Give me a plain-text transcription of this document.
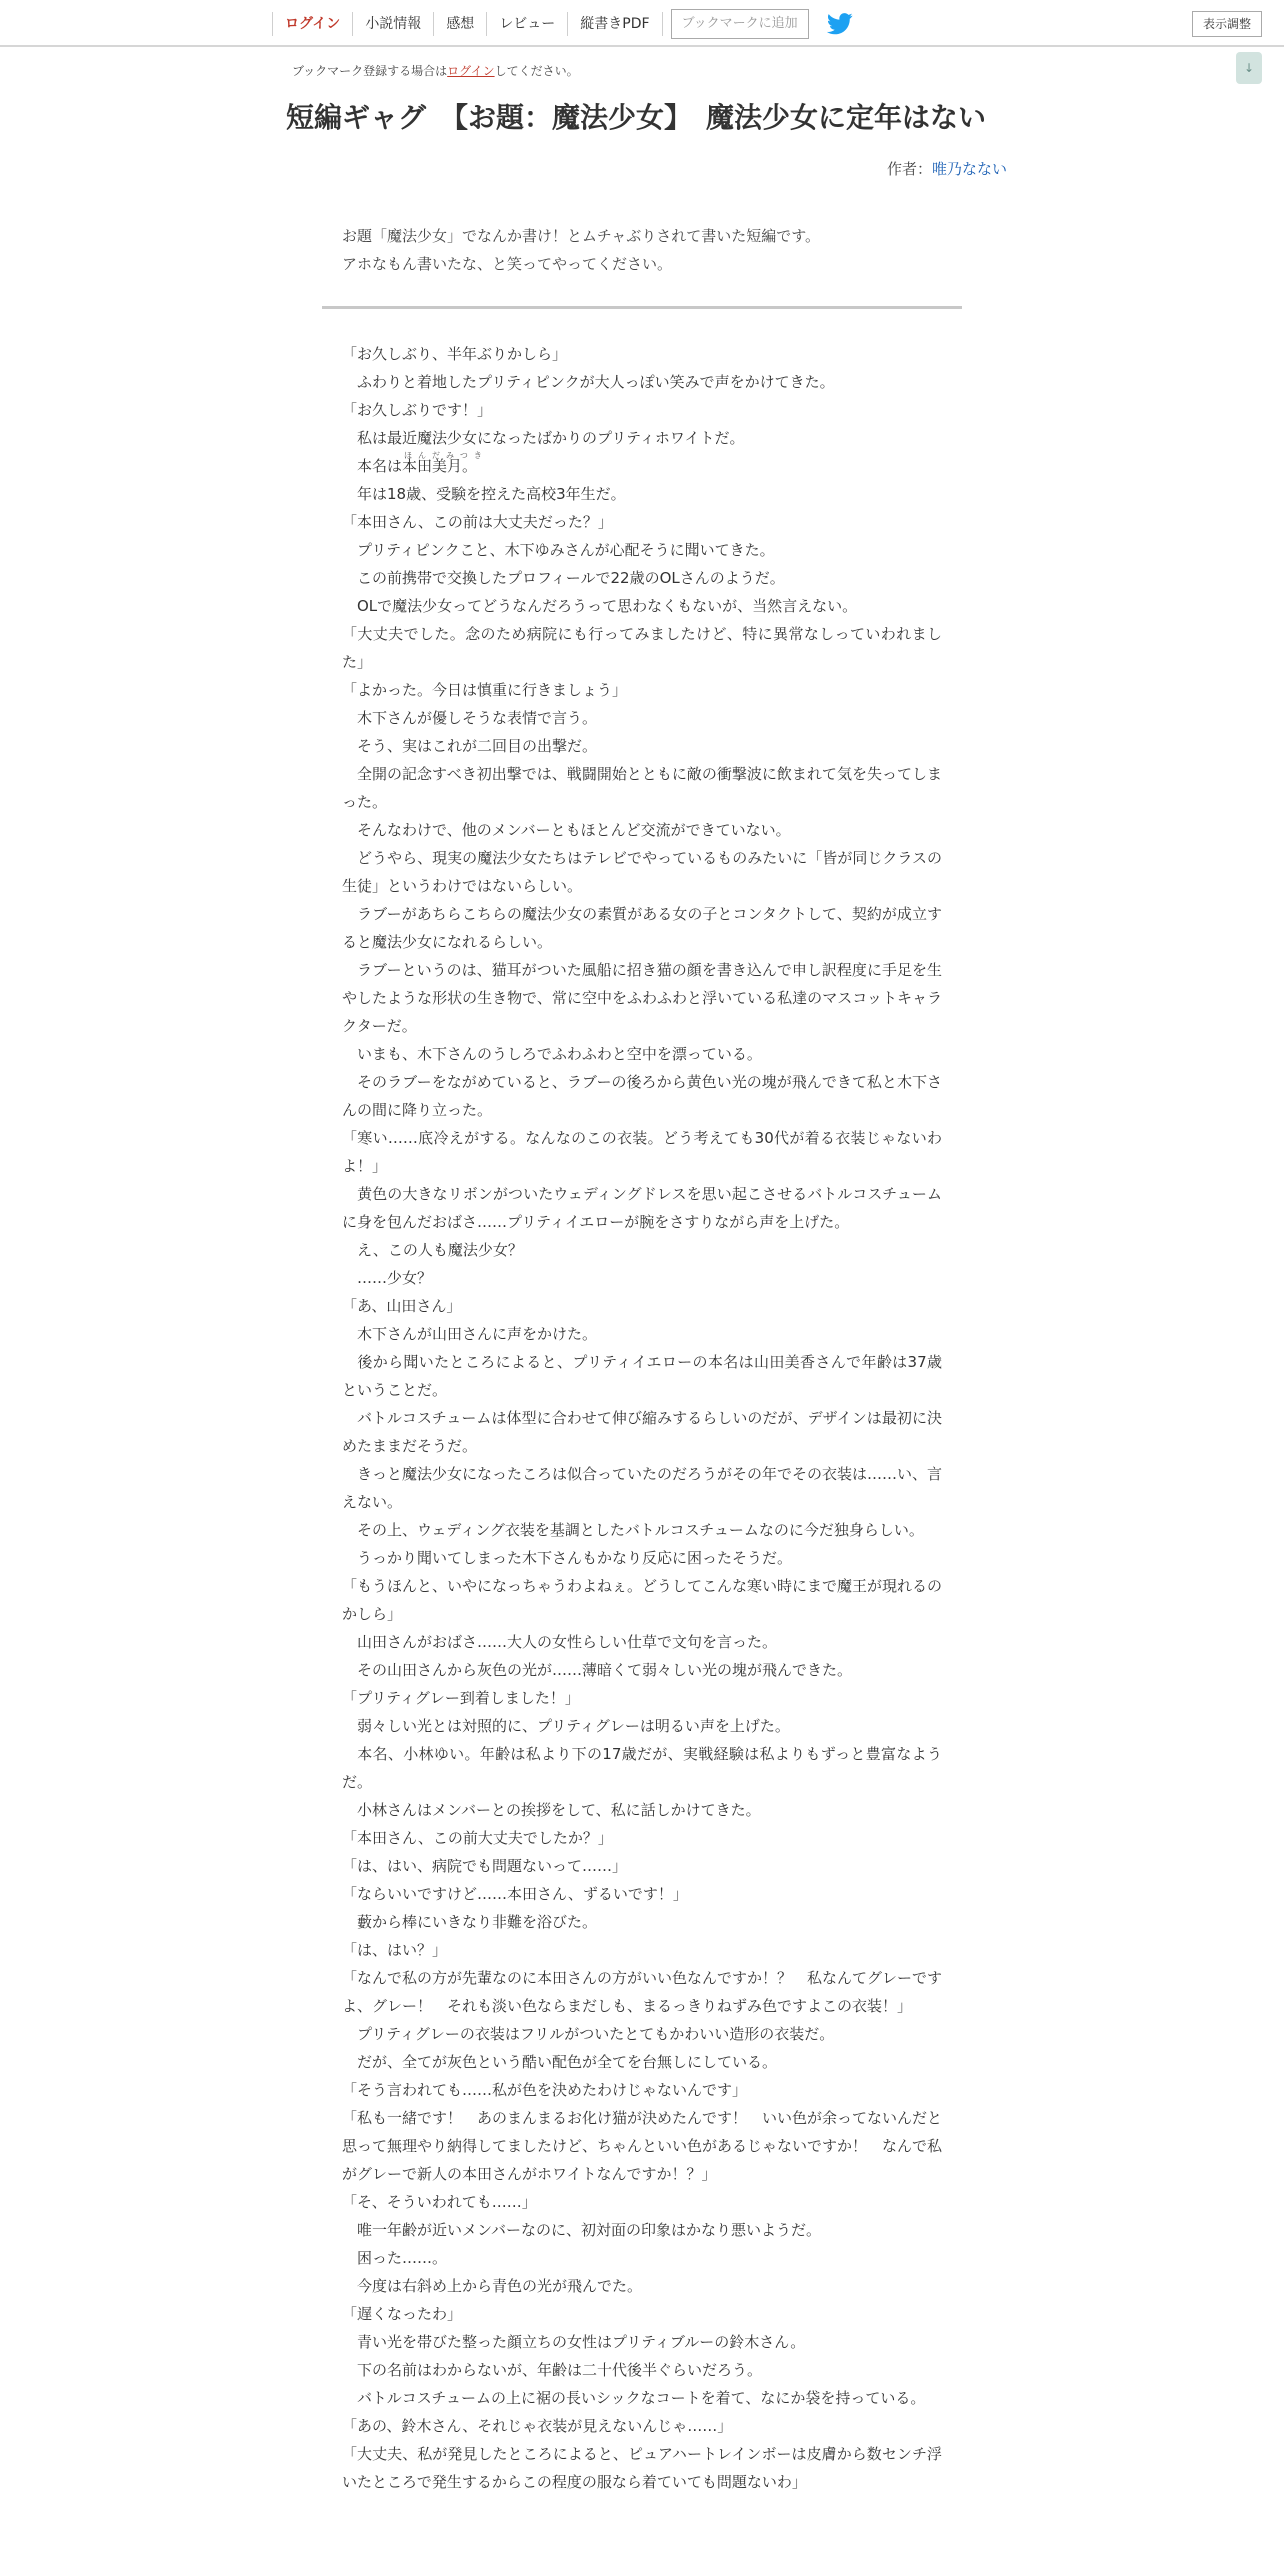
ログイン	小説情報	感想	レビュー	縦書きPDF	ブックマークに追加	表示調整
ブックマーク登録する場合はログインしてください。	↓
短編ギャグ　【お題：魔法少女】　魔法少女に定年はない
作者：唯乃なない

お題「魔法少女」でなんか書け！とムチャぶりされて書いた短編です。

アホなもん書いたな、と笑ってやってください。

「お久しぶり、半年ぶりかしら」

　ふわりと着地したプリティピンクが大人っぽい笑みで声をかけてきた。

「お久しぶりです！」

　私は最近魔法少女になったばかりのプリティホワイトだ。

　本名は本田美月。

　年は18歳、受験を控えた高校3年生だ。

「本田さん、この前は大丈夫だった？」

　プリティピンクこと、木下ゆみさんが心配そうに聞いてきた。

　この前携帯で交換したプロフィールで22歳のOLさんのようだ。

　OLで魔法少女ってどうなんだろうって思わなくもないが、当然言えない。

「大丈夫でした。念のため病院にも行ってみましたけど、特に異常なしっていわれました」

「よかった。今日は慎重に行きましょう」

　木下さんが優しそうな表情で言う。

　そう、実はこれが二回目の出撃だ。

　全開の記念すべき初出撃では、戦闘開始とともに敵の衝撃波に飲まれて気を失ってしまった。

　そんなわけで、他のメンバーともほとんど交流ができていない。

　どうやら、現実の魔法少女たちはテレビでやっているものみたいに「皆が同じクラスの生徒」というわけではないらしい。

　ラブーがあちらこちらの魔法少女の素質がある女の子とコンタクトして、契約が成立すると魔法少女になれるらしい。

　ラブーというのは、猫耳がついた風船に招き猫の顔を書き込んで申し訳程度に手足を生やしたような形状の生き物で、常に空中をふわふわと浮いている私達のマスコットキャラクターだ。

　いまも、木下さんのうしろでふわふわと空中を漂っている。

　そのラブーをながめていると、ラブーの後ろから黄色い光の塊が飛んできて私と木下さんの間に降り立った。

「寒い……底冷えがする。なんなのこの衣装。どう考えても30代が着る衣装じゃないわよ！」

　黄色の大きなリボンがついたウェディングドレスを思い起こさせるバトルコスチュームに身を包んだおばさ……プリティイエローが腕をさすりながら声を上げた。

　え、この人も魔法少女？

　……少女？

「あ、山田さん」

　木下さんが山田さんに声をかけた。

　後から聞いたところによると、プリティイエローの本名は山田美香さんで年齢は37歳ということだ。

　バトルコスチュームは体型に合わせて伸び縮みするらしいのだが、デザインは最初に決めたままだそうだ。

　きっと魔法少女になったころは似合っていたのだろうがその年でその衣装は……い、言えない。

　その上、ウェディング衣装を基調としたバトルコスチュームなのに今だ独身らしい。

　うっかり聞いてしまった木下さんもかなり反応に困ったそうだ。

「もうほんと、いやになっちゃうわよねぇ。どうしてこんな寒い時にまで魔王が現れるのかしら」

　山田さんがおばさ……大人の女性らしい仕草で文句を言った。

　その山田さんから灰色の光が……薄暗くて弱々しい光の塊が飛んできた。

「プリティグレー到着しました！」

　弱々しい光とは対照的に、プリティグレーは明るい声を上げた。

　本名、小林ゆい。年齢は私より下の17歳だが、実戦経験は私よりもずっと豊富なようだ。

　小林さんはメンバーとの挨拶をして、私に話しかけてきた。

「本田さん、この前大丈夫でしたか？」

「は、はい、病院でも問題ないって……」

「ならいいですけど……本田さん、ずるいです！」

　藪から棒にいきなり非難を浴びた。

「は、はい？」

「なんで私の方が先輩なのに本田さんの方がいい色なんですか！？　私なんてグレーですよ、グレー！　それも淡い色ならまだしも、まるっきりねずみ色ですよこの衣装！」

　プリティグレーの衣装はフリルがついたとてもかわいい造形の衣装だ。

　だが、全てが灰色という酷い配色が全てを台無しにしている。

「そう言われても……私が色を決めたわけじゃないんです」

「私も一緒です！　あのまんまるお化け猫が決めたんです！　いい色が余ってないんだと思って無理やり納得してましたけど、ちゃんといい色があるじゃないですか！　なんで私がグレーで新人の本田さんがホワイトなんですか！？」

「そ、そういわれても……」

　唯一年齢が近いメンバーなのに、初対面の印象はかなり悪いようだ。

　困った……。

　今度は右斜め上から青色の光が飛んでた。

「遅くなったわ」

　青い光を帯びた整った顔立ちの女性はプリティブルーの鈴木さん。

　下の名前はわからないが、年齢は二十代後半ぐらいだろう。

　バトルコスチュームの上に裾の長いシックなコートを着て、なにか袋を持っている。

「あの、鈴木さん、それじゃ衣装が見えないんじゃ……」

「大丈夫、私が発見したところによると、ピュアハートレインボーは皮膚から数センチ浮いたところで発生するからこの程度の服なら着ていても問題ないわ」

ほんだみつき
